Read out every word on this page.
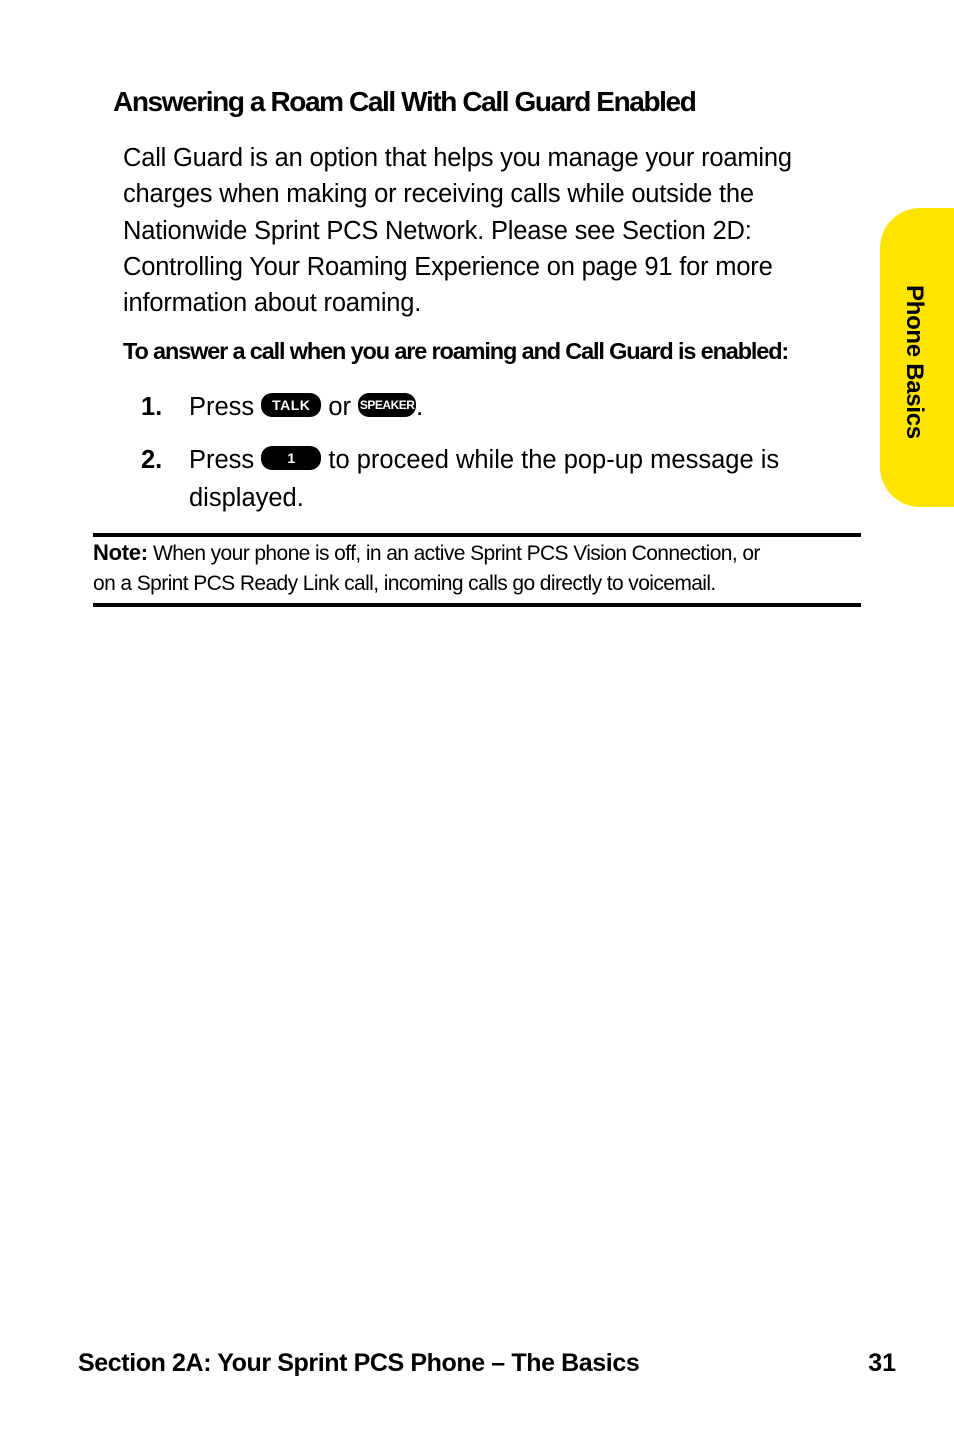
Answering a Roam Call With Call Guard Enabled
Call Guard is an option that helps you manage your roaming
charges when making or receiving calls while outside the
Nationwide Sprint PCS Network. Please see Section 2D:
Controlling Your Roaming Experience on page 91 for more
information about roaming.
To answer a call when you are roaming and Call Guard is enabled:
1. Press TALK or SPEAKER.
2. Press 1 to proceed while the pop-up message is
displayed.
Note: When your phone is off, in an active Sprint PCS Vision Connection, or
on a Sprint PCS Ready Link call, incoming calls go directly to voicemail.
Phone Basics
Section 2A: Your Sprint PCS Phone – The Basics	31
